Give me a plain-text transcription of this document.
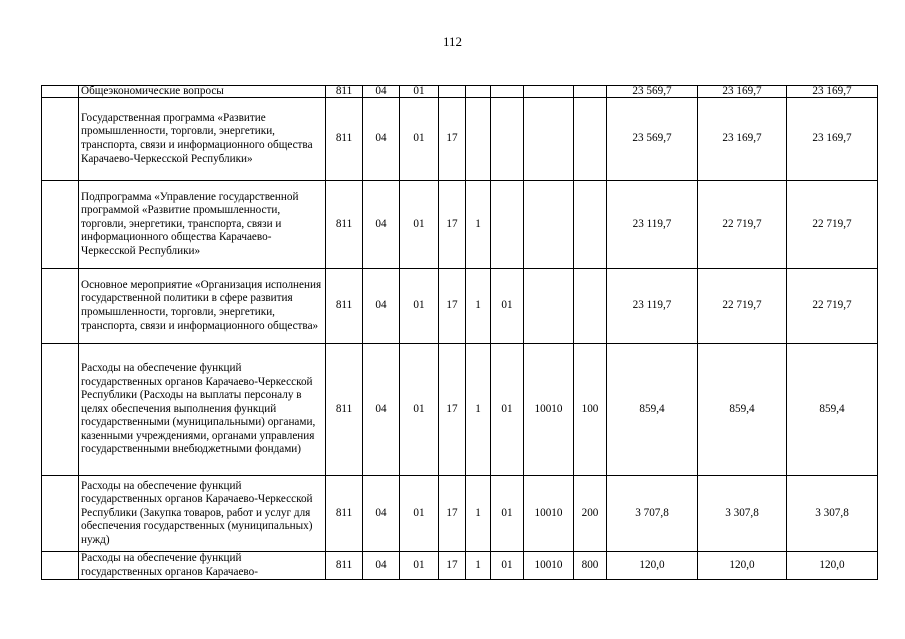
112
	Общеэкономические вопросы	811	04	01						23 569,7	23 169,7	23 169,7
	Государственная программа «Развитие промышленности, торговли, энергетики, транспорта, связи и информационного общества Карачаево-Черкесской Республики»	811	04	01	17					23 569,7	23 169,7	23 169,7
	Подпрограмма «Управление государственной программой «Развитие промышленности, торговли, энергетики, транспорта, связи и информационного общества Карачаево-Черкесской Республики»	811	04	01	17	1				23 119,7	22 719,7	22 719,7
	Основное мероприятие «Организация исполнения государственной политики в сфере развития промышленности, торговли, энергетики, транспорта, связи и информационного общества»	811	04	01	17	1	01			23 119,7	22 719,7	22 719,7
	Расходы на обеспечение функций государственных органов Карачаево-Черкесской Республики (Расходы на выплаты персоналу в целях обеспечения выполнения функций государственными (муниципальными) органами, казенными учреждениями, органами управления государственными внебюджетными фондами)	811	04	01	17	1	01	10010	100	859,4	859,4	859,4
	Расходы на обеспечение функций государственных органов Карачаево-Черкесской Республики (Закупка товаров, работ и услуг для обеспечения государственных (муниципальных) нужд)	811	04	01	17	1	01	10010	200	3 707,8	3 307,8	3 307,8
	Расходы на обеспечение функций государственных органов Карачаево-	811	04	01	17	1	01	10010	800	120,0	120,0	120,0
